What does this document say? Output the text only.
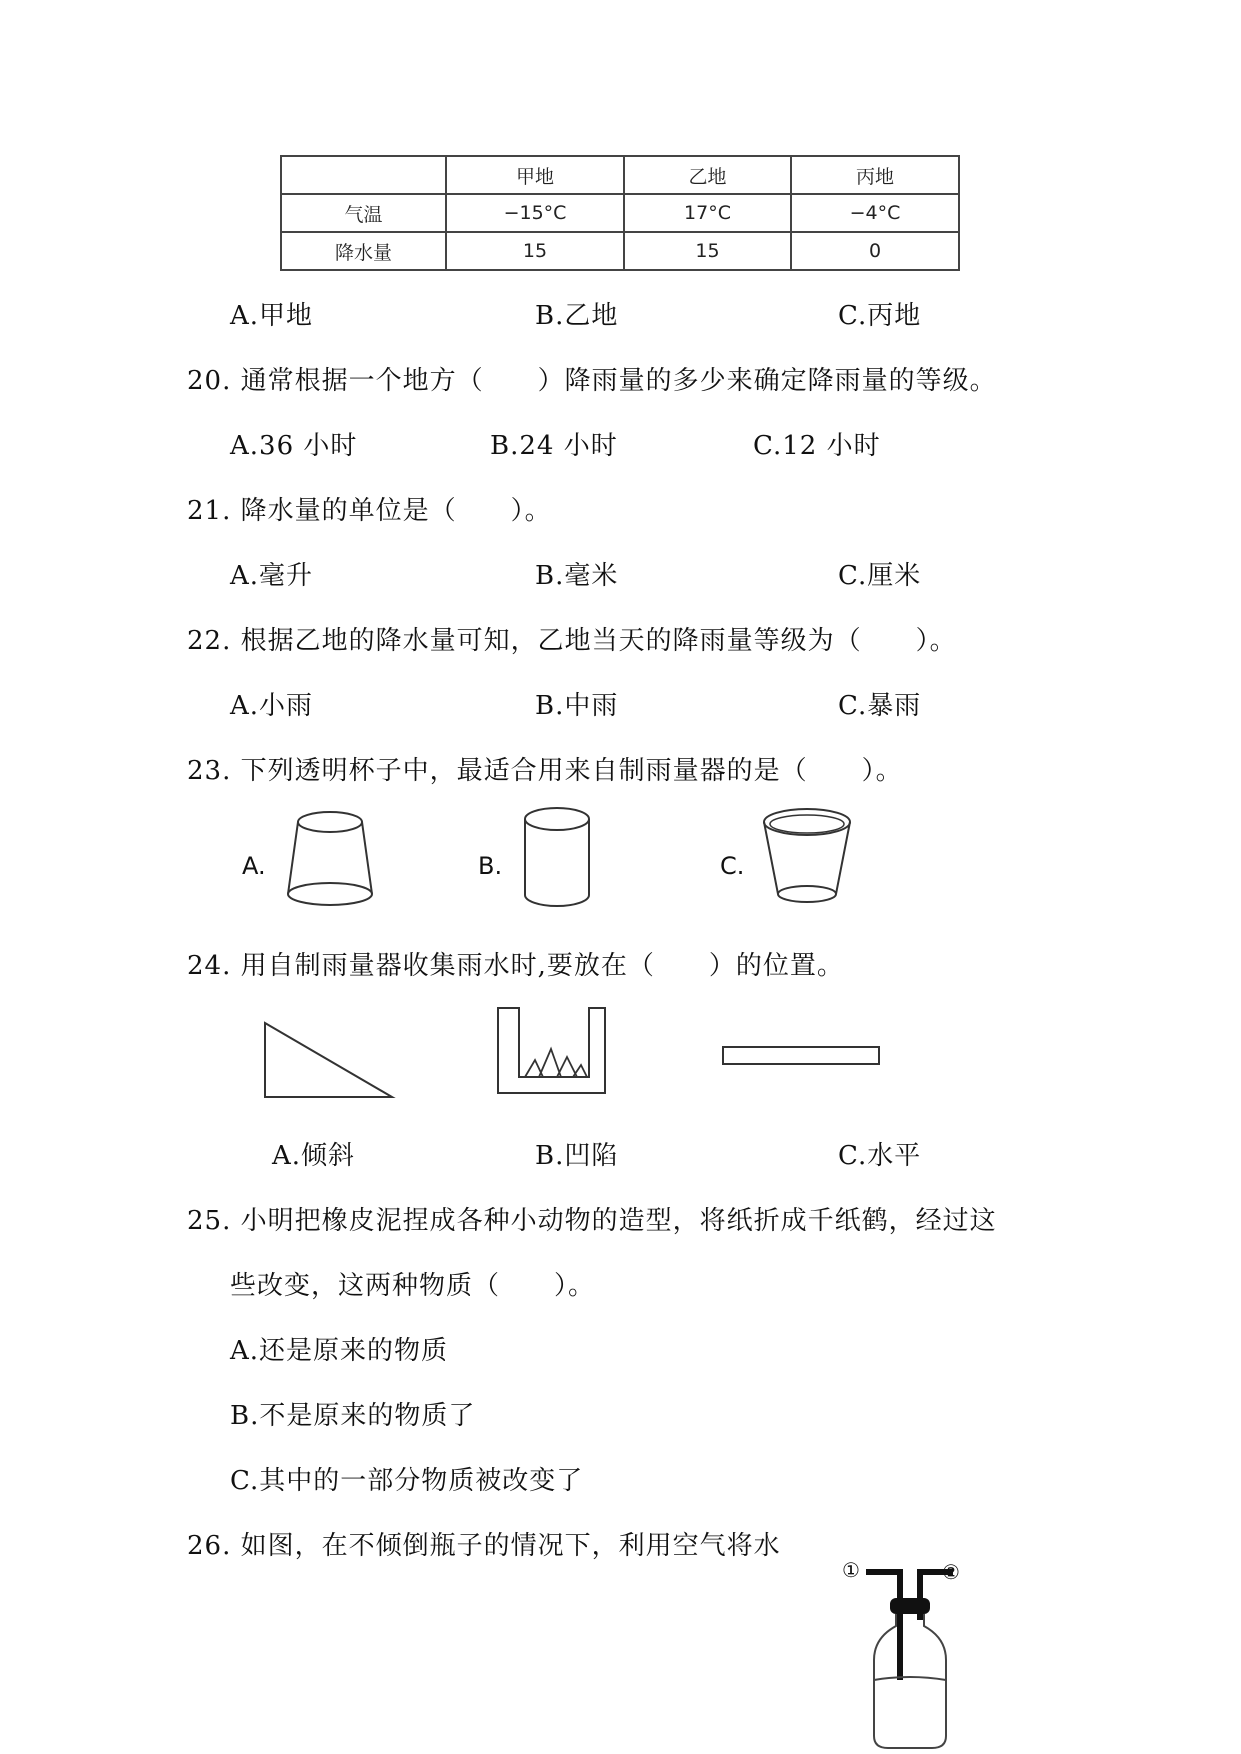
	甲地	乙地	丙地
气温	−15°C	17°C	−4°C
降水量	15	15	0
A.甲地	B.乙地	C.丙地
20. 通常根据一个地方（　　）降雨量的多少来确定降雨量的等级。
A.36 小时	B.24 小时	C.12 小时
21. 降水量的单位是（　　）。
A.毫升	B.毫米	C.厘米
22. 根据乙地的降水量可知，乙地当天的降雨量等级为（　　）。
A.小雨	B.中雨	C.暴雨
23. 下列透明杯子中，最适合用来自制雨量器的是（　　）。
A.	B.	C.
24. 用自制雨量器收集雨水时,要放在（　　）的位置。
A.倾斜	B.凹陷	C.水平
25. 小明把橡皮泥捏成各种小动物的造型，将纸折成千纸鹤，经过这
些改变，这两种物质（　　）。
A.还是原来的物质
B.不是原来的物质了
C.其中的一部分物质被改变了
26. 如图，在不倾倒瓶子的情况下，利用空气将水
①	②
